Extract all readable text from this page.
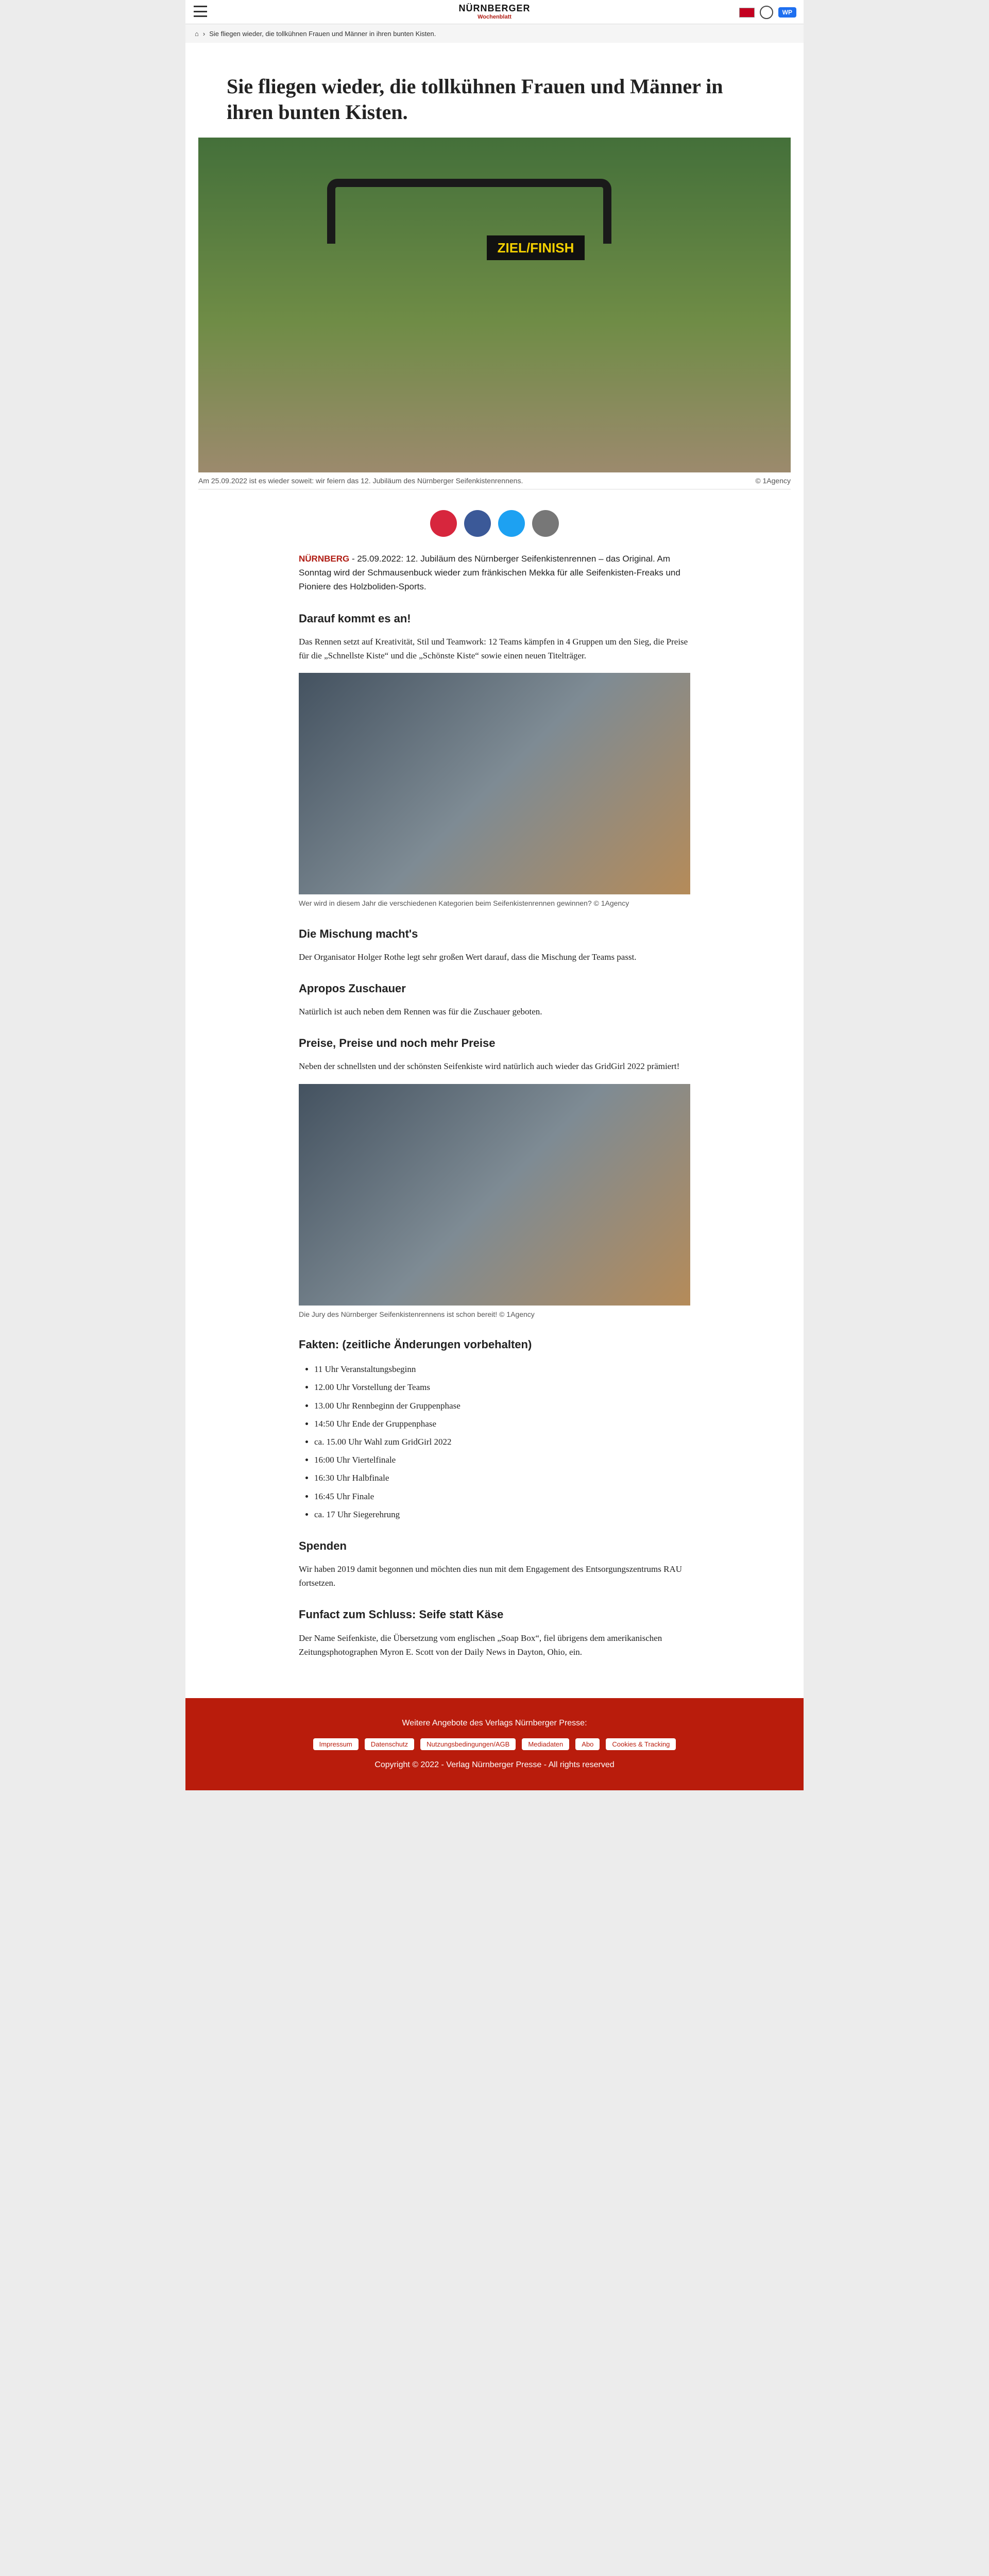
NÜRNBERGER
Wochenblatt
WP
⌂ › Sie fliegen wieder, die tollkühnen Frauen und Männer in ihren bunten Kisten.
Sie fliegen wieder, die tollkühnen Frauen und Männer in ihren bunten Kisten.
ZIEL/FINISH
Am 25.09.2022 ist es wieder soweit: wir feiern das 12. Jubiläum des Nürnberger Seifenkistenrennens.	© 1Agency

NÜRNBERG - 25.09.2022: 12. Jubiläum des Nürnberger Seifenkistenrennen – das Original. Am Sonntag wird der Schmausenbuck wieder zum fränkischen Mekka für alle Seifenkisten-Freaks und Pioniere des Holzboliden-Sports.

Darauf kommt es an!

Das Rennen setzt auf Kreativität, Stil und Teamwork: 12 Teams kämpfen in 4 Gruppen um den Sieg, die Preise für die „Schnellste Kiste“ und die „Schönste Kiste“ sowie einen neuen Titelträger.

Wer wird in diesem Jahr die verschiedenen Kategorien beim Seifenkistenrennen gewinnen? © 1Agency
Die Mischung macht's

Der Organisator Holger Rothe legt sehr großen Wert darauf, dass die Mischung der Teams passt.

Apropos Zuschauer

Natürlich ist auch neben dem Rennen was für die Zuschauer geboten.

Preise, Preise und noch mehr Preise

Neben der schnellsten und der schönsten Seifenkiste wird natürlich auch wieder das GridGirl 2022 prämiert!

Die Jury des Nürnberger Seifenkistenrennens ist schon bereit! © 1Agency
Fakten: (zeitliche Änderungen vorbehalten)
• 11 Uhr Veranstaltungsbeginn
• 12.00 Uhr Vorstellung der Teams
• 13.00 Uhr Rennbeginn der Gruppenphase
• 14:50 Uhr Ende der Gruppenphase
• ca. 15.00 Uhr Wahl zum GridGirl 2022
• 16:00 Uhr Viertelfinale
• 16:30 Uhr Halbfinale
• 16:45 Uhr Finale
• ca. 17 Uhr Siegerehrung
Spenden

Wir haben 2019 damit begonnen und möchten dies nun mit dem Engagement des Entsorgungszentrums RAU fortsetzen.

Funfact zum Schluss: Seife statt Käse

Der Name Seifenkiste, die Übersetzung vom englischen „Soap Box“, fiel übrigens dem amerikanischen Zeitungsphotographen Myron E. Scott von der Daily News in Dayton, Ohio, ein.

Weitere Angebote des Verlags Nürnberger Presse:
Impressum	Datenschutz	Nutzungsbedingungen/AGB	Mediadaten	Abo	Cookies & Tracking
Copyright © 2022 - Verlag Nürnberger Presse - All rights reserved
